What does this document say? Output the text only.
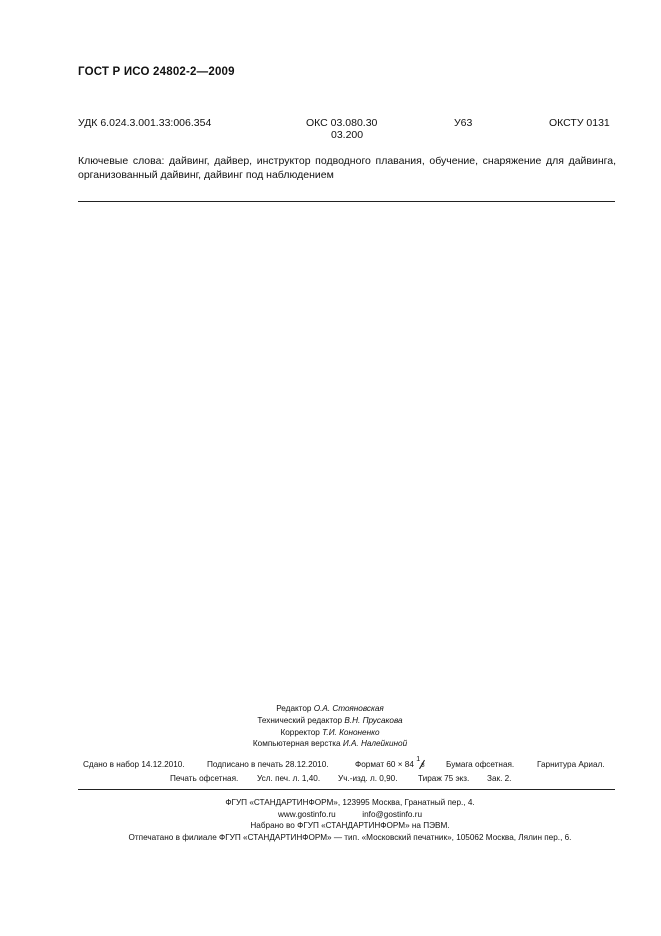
ГОСТ Р ИСО 24802-2—2009
УДК 6.024.3.001.33:006.354	ОКС 03.080.30
03.200
У63	ОКСТУ 0131
Ключевые слова: дайвинг, дайвер, инструктор подводного плавания, обучение, снаряжение для дайвинга, организованный дайвинг, дайвинг под наблюдением
Редактор О.А. Стояновская
Технический редактор В.Н. Прусакова
Корректор Т.И. Кононенко
Компьютерная верстка И.А. Налейкиной
Сдано в набор 14.12.2010.	Подписано в печать 28.12.2010.	Формат 60 × 84
1
8	Бумага офсетная.	Гарнитура Ариал.
Печать офсетная. Усл. печ. л. 1,40. Уч.-изд. л. 0,90.	Тираж 75 экз. Зак. 2.
ФГУП «СТАНДАРТИНФОРМ», 123995 Москва, Гранатный пер., 4.
www.gostinfo.ru	info@gostinfo.ru
Набрано во ФГУП «СТАНДАРТИНФОРМ» на ПЭВМ.
Отпечатано в филиале ФГУП «СТАНДАРТИНФОРМ» — тип. «Московский печатник», 105062 Москва, Лялин пер., 6.
